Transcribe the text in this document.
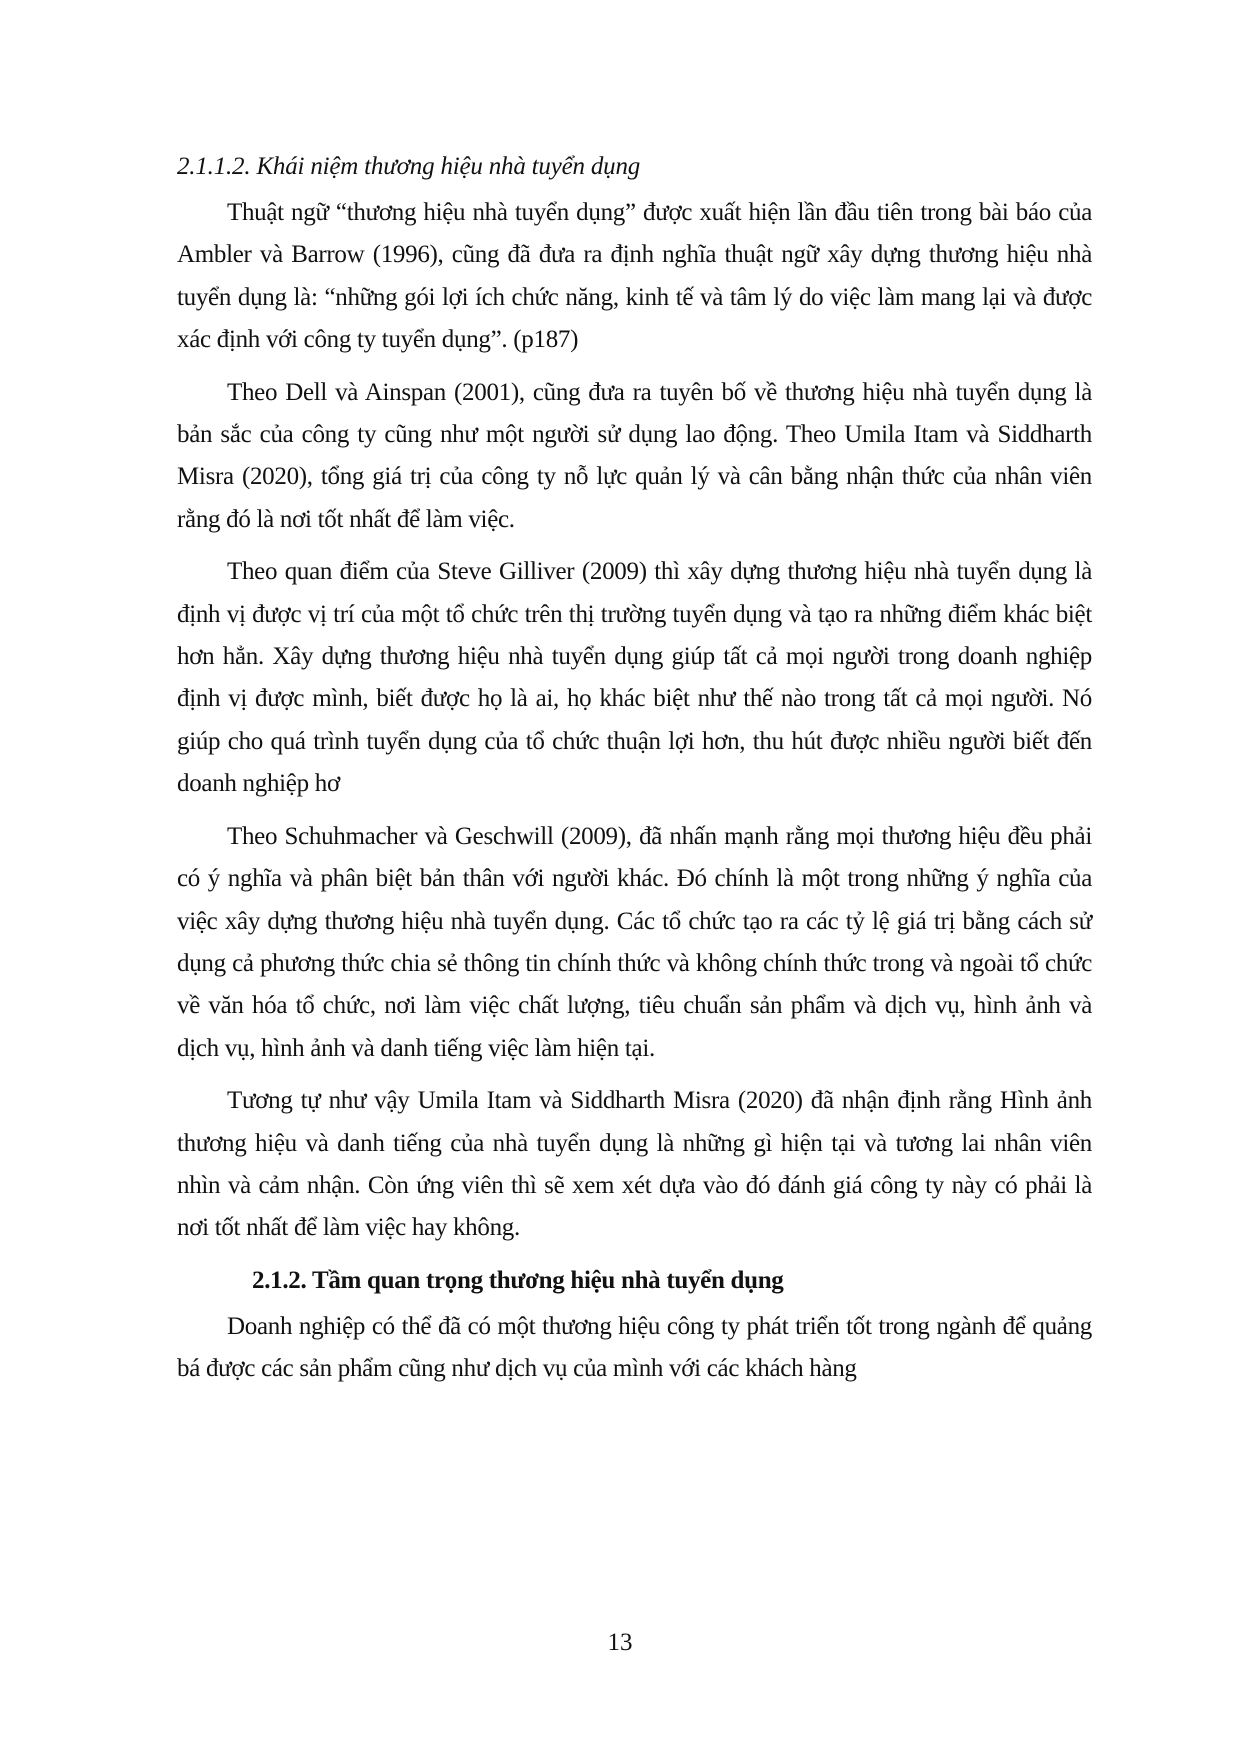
2.1.1.2. Khái niệm thương hiệu nhà tuyển dụng

Thuật ngữ “thương hiệu nhà tuyển dụng” được xuất hiện lần đầu tiên trong bài báo của Ambler và Barrow (1996), cũng đã đưa ra định nghĩa thuật ngữ xây dựng thương hiệu nhà tuyển dụng là: “những gói lợi ích chức năng, kinh tế và tâm lý do việc làm mang lại và được xác định với công ty tuyển dụng”. (p187)

Theo Dell và Ainspan (2001), cũng đưa ra tuyên bố về thương hiệu nhà tuyển dụng là bản sắc của công ty cũng như một người sử dụng lao động. Theo Umila Itam và Siddharth Misra (2020), tổng giá trị của công ty nỗ lực quản lý và cân bằng nhận thức của nhân viên rằng đó là nơi tốt nhất để làm việc.

Theo quan điểm của Steve Gilliver (2009) thì xây dựng thương hiệu nhà tuyển dụng là định vị được vị trí của một tổ chức trên thị trường tuyển dụng và tạo ra những điểm khác biệt hơn hẳn. Xây dựng thương hiệu nhà tuyển dụng giúp tất cả mọi người trong doanh nghiệp định vị được mình, biết được họ là ai, họ khác biệt như thế nào trong tất cả mọi người. Nó giúp cho quá trình tuyển dụng của tổ chức thuận lợi hơn, thu hút được nhiều người biết đến doanh nghiệp hơ

Theo Schuhmacher và Geschwill (2009), đã nhấn mạnh rằng mọi thương hiệu đều phải có ý nghĩa và phân biệt bản thân với người khác. Đó chính là một trong những ý nghĩa của việc xây dựng thương hiệu nhà tuyển dụng. Các tổ chức tạo ra các tỷ lệ giá trị bằng cách sử dụng cả phương thức chia sẻ thông tin chính thức và không chính thức trong và ngoài tổ chức về văn hóa tổ chức, nơi làm việc chất lượng, tiêu chuẩn sản phẩm và dịch vụ, hình ảnh và dịch vụ, hình ảnh và danh tiếng việc làm hiện tại.

Tương tự như vậy Umila Itam và Siddharth Misra (2020) đã nhận định rằng Hình ảnh thương hiệu và danh tiếng của nhà tuyển dụng là những gì hiện tại và tương lai nhân viên nhìn và cảm nhận. Còn ứng viên thì sẽ xem xét dựa vào đó đánh giá công ty này có phải là nơi tốt nhất để làm việc hay không.

2.1.2. Tầm quan trọng thương hiệu nhà tuyển dụng

Doanh nghiệp có thể đã có một thương hiệu công ty phát triển tốt trong ngành để quảng bá được các sản phẩm cũng như dịch vụ của mình với các khách hàng

13
